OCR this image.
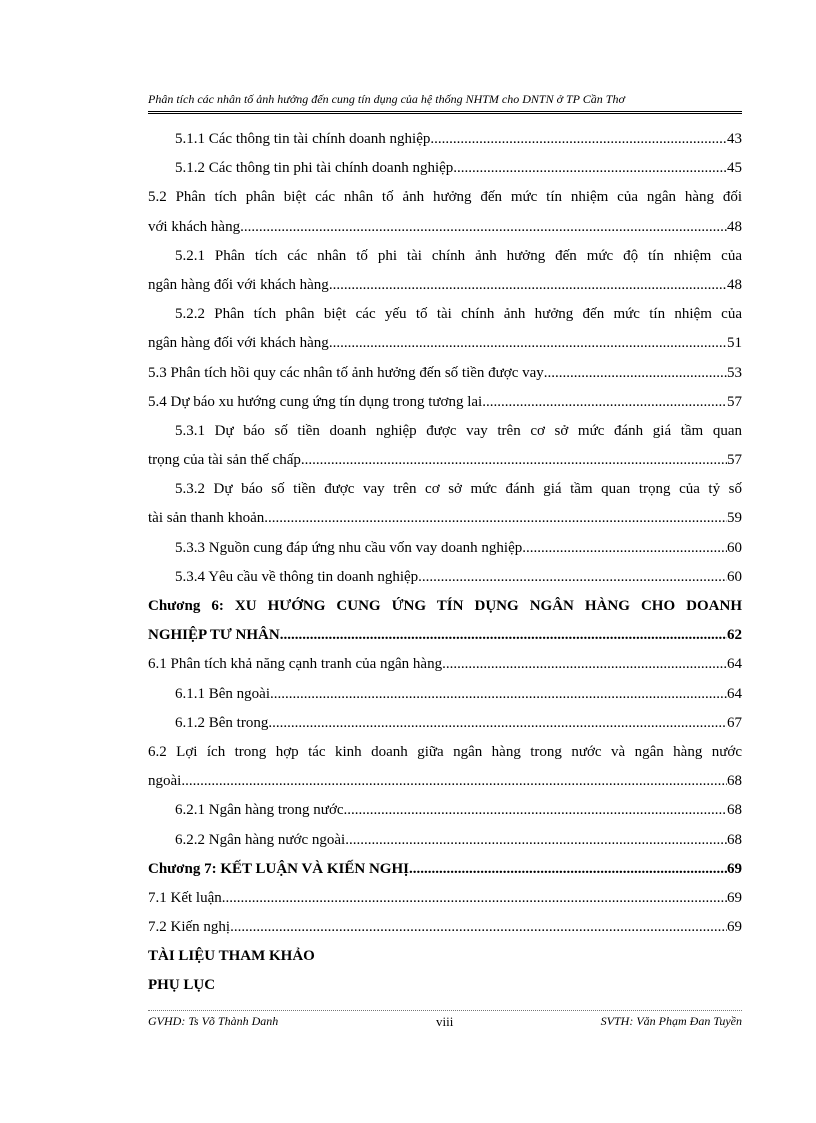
Phân tích các nhân tố ảnh hưởng đến cung tín dụng của hệ thống NHTM cho DNTN ở TP Cần Thơ
5.1.1 Các thông tin tài chính doanh nghiệp .....	43
5.1.2 Các thông tin phi tài chính doanh nghiệp .....	45
5.2 Phân tích phân biệt các nhân tố ảnh hưởng đến mức tín nhiệm của ngân hàng đối
với khách hàng .....	48
5.2.1 Phân tích các nhân tố phi tài chính ảnh hưởng đến mức độ tín nhiệm của
ngân hàng đối với khách hàng .....	48
5.2.2 Phân tích phân biệt các yếu tố tài chính ảnh hưởng đến mức tín nhiệm của
ngân hàng đối với khách hàng .....	51
5.3 Phân tích hồi quy các nhân tố ảnh hưởng đến số tiền được vay .....	53
5.4 Dự báo xu hướng cung ứng tín dụng trong tương lai .....	57
5.3.1 Dự báo số tiền doanh nghiệp được vay trên cơ sở mức đánh giá tầm quan
trọng của tài sản thế chấp .....	57
5.3.2 Dự báo số tiền được vay trên cơ sở mức đánh giá tầm quan trọng của tỷ số
tài sản thanh khoản .....	59
5.3.3 Nguồn cung đáp ứng nhu cầu vốn vay doanh nghiệp .....	60
5.3.4 Yêu cầu về thông tin doanh nghiệp .....	60
Chương 6: XU HƯỚNG CUNG ỨNG TÍN DỤNG NGÂN HÀNG CHO DOANH
NGHIỆP TƯ NHÂN .....	62
6.1 Phân tích khả năng cạnh tranh của ngân hàng .....	64
6.1.1 Bên ngoài .....	64
6.1.2 Bên trong .....	67
6.2 Lợi ích trong hợp tác kinh doanh giữa ngân hàng trong nước và ngân hàng nước
ngoài .....	68
6.2.1 Ngân hàng trong nước .....	68
6.2.2 Ngân hàng nước ngoài .....	68
Chương 7: KẾT LUẬN VÀ KIẾN NGHỊ .....	69
7.1 Kết luận .....	69
7.2 Kiến nghị .....	69
TÀI LIỆU THAM KHẢO
PHỤ LỤC
GVHD: Ts Võ Thành Danh	viii	SVTH: Văn Phạm Đan Tuyền
